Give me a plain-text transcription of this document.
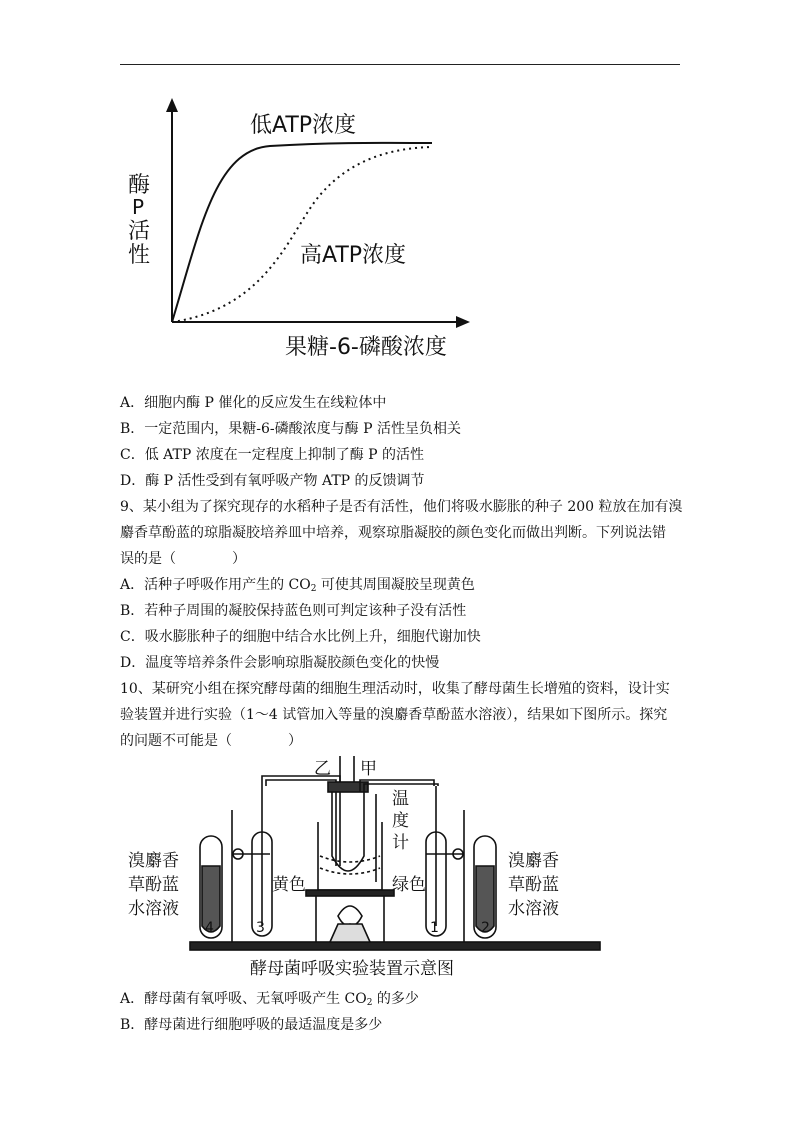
低ATP浓度
高ATP浓度
酶
P
活
性
果糖-6-磷酸浓度
A．细胞内酶 P 催化的反应发生在线粒体中
B．一定范围内，果糖-6-磷酸浓度与酶 P 活性呈负相关
C．低 ATP 浓度在一定程度上抑制了酶 P 的活性
D．酶 P 活性受到有氧呼吸产物 ATP 的反馈调节
9、某小组为了探究现存的水稻种子是否有活性，他们将吸水膨胀的种子 200 粒放在加有溴
麝香草酚蓝的琼脂凝胶培养皿中培养，观察琼脂凝胶的颜色变化而做出判断。下列说法错
误的是（　　　　）
A．活种子呼吸作用产生的 $CO_2$ 可使其周围凝胶呈现黄色
B．若种子周围的凝胶保持蓝色则可判定该种子没有活性
C．吸水膨胀种子的细胞中结合水比例上升，细胞代谢加快
D．温度等培养条件会影响琼脂凝胶颜色变化的快慢
10、某研究小组在探究酵母菌的细胞生理活动时，收集了酵母菌生长增殖的资料，设计实
验装置并进行实验（1～4 试管加入等量的溴麝香草酚蓝水溶液），结果如下图所示。探究
的问题不可能是（　　　　）
乙 甲
温
度
计
溴麝香
草酚蓝
水溶液
黄色	绿色
溴麝香
草酚蓝
水溶液
4	3	1	2
酵母菌呼吸实验装置示意图
A．酵母菌有氧呼吸、无氧呼吸产生 $CO_2$ 的多少
B．酵母菌进行细胞呼吸的最适温度是多少
